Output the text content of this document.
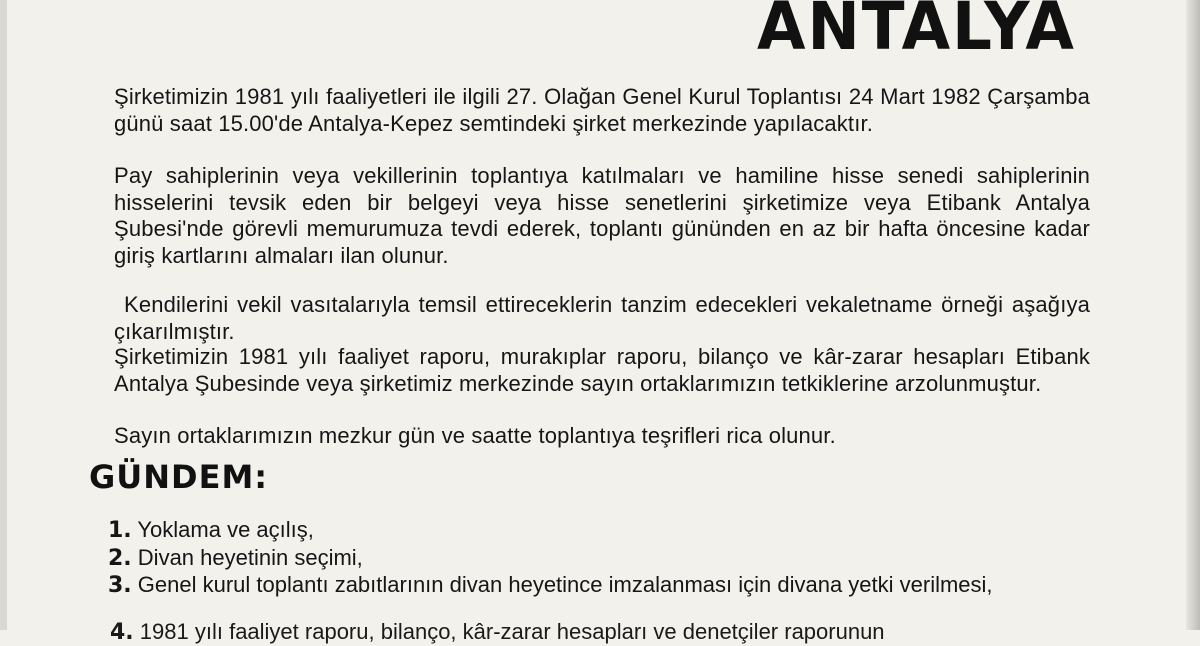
ANTALYA

Şirketimizin 1981 yılı faaliyetleri ile ilgili 27. Olağan Genel Kurul Toplantısı 24 Mart 1982 Çarşamba günü saat 15.00'de Antalya-Kepez semtindeki şirket merkezinde yapılacaktır.

Pay sahiplerinin veya vekillerinin toplantıya katılmaları ve hamiline hisse senedi sahiplerinin hisselerini tevsik eden bir belgeyi veya hisse senetlerini şirketimize veya Etibank Antalya Şubesi'nde görevli memurumuza tevdi ederek, toplantı gününden en az bir hafta öncesine kadar giriş kartlarını almaları ilan olunur.

Kendilerini vekil vasıtalarıyla temsil ettireceklerin tanzim edecekleri vekaletname örneği aşağıya çıkarılmıştır.

Şirketimizin 1981 yılı faaliyet raporu, murakıplar raporu, bilanço ve kâr-zarar hesapları Etibank Antalya Şubesinde veya şirketimiz merkezinde sayın ortaklarımızın tetkiklerine arzolunmuştur.

Sayın ortaklarımızın mezkur gün ve saatte toplantıya teşrifleri rica olunur.

GÜNDEM:
1. Yoklama ve açılış,
2. Divan heyetinin seçimi,
3. Genel kurul toplantı zabıtlarının divan heyetince imzalanması için divana yetki verilmesi,
4. 1981 yılı faaliyet raporu, bilanço, kâr-zarar hesapları ve denetçiler raporunun
